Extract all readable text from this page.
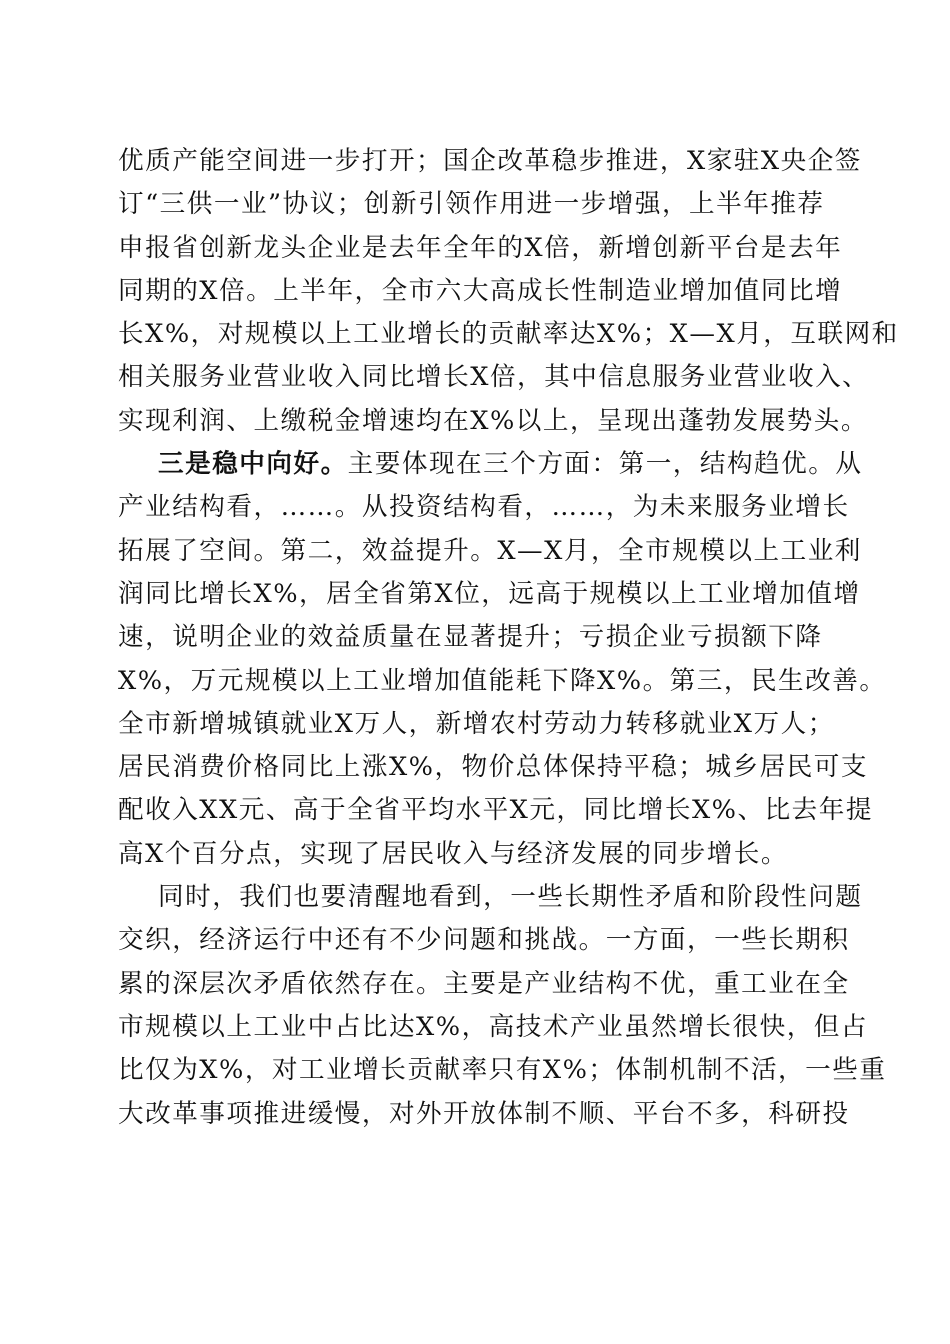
优质产能空间进一步打开；国企改革稳步推进，X家驻X央企签
订“三供一业”协议；创新引领作用进一步增强，上半年推荐
申报省创新龙头企业是去年全年的X倍，新增创新平台是去年
同期的X倍。上半年，全市六大高成长性制造业增加值同比增
长X%，对规模以上工业增长的贡献率达X%；X—X月，互联网和
相关服务业营业收入同比增长X倍，其中信息服务业营业收入、
实现利润、上缴税金增速均在X%以上，呈现出蓬勃发展势头。
三是稳中向好。主要体现在三个方面：第一，结构趋优。从
产业结构看，……。从投资结构看，……，为未来服务业增长
拓展了空间。第二，效益提升。X—X月，全市规模以上工业利
润同比增长X%，居全省第X位，远高于规模以上工业增加值增
速，说明企业的效益质量在显著提升；亏损企业亏损额下降
X%，万元规模以上工业增加值能耗下降X%。第三，民生改善。
全市新增城镇就业X万人，新增农村劳动力转移就业X万人；
居民消费价格同比上涨X%，物价总体保持平稳；城乡居民可支
配收入XX元、高于全省平均水平X元，同比增长X%、比去年提
高X个百分点，实现了居民收入与经济发展的同步增长。
同时，我们也要清醒地看到，一些长期性矛盾和阶段性问题
交织，经济运行中还有不少问题和挑战。一方面，一些长期积
累的深层次矛盾依然存在。主要是产业结构不优，重工业在全
市规模以上工业中占比达X%，高技术产业虽然增长很快，但占
比仅为X%，对工业增长贡献率只有X%；体制机制不活，一些重
大改革事项推进缓慢，对外开放体制不顺、平台不多，科研投
